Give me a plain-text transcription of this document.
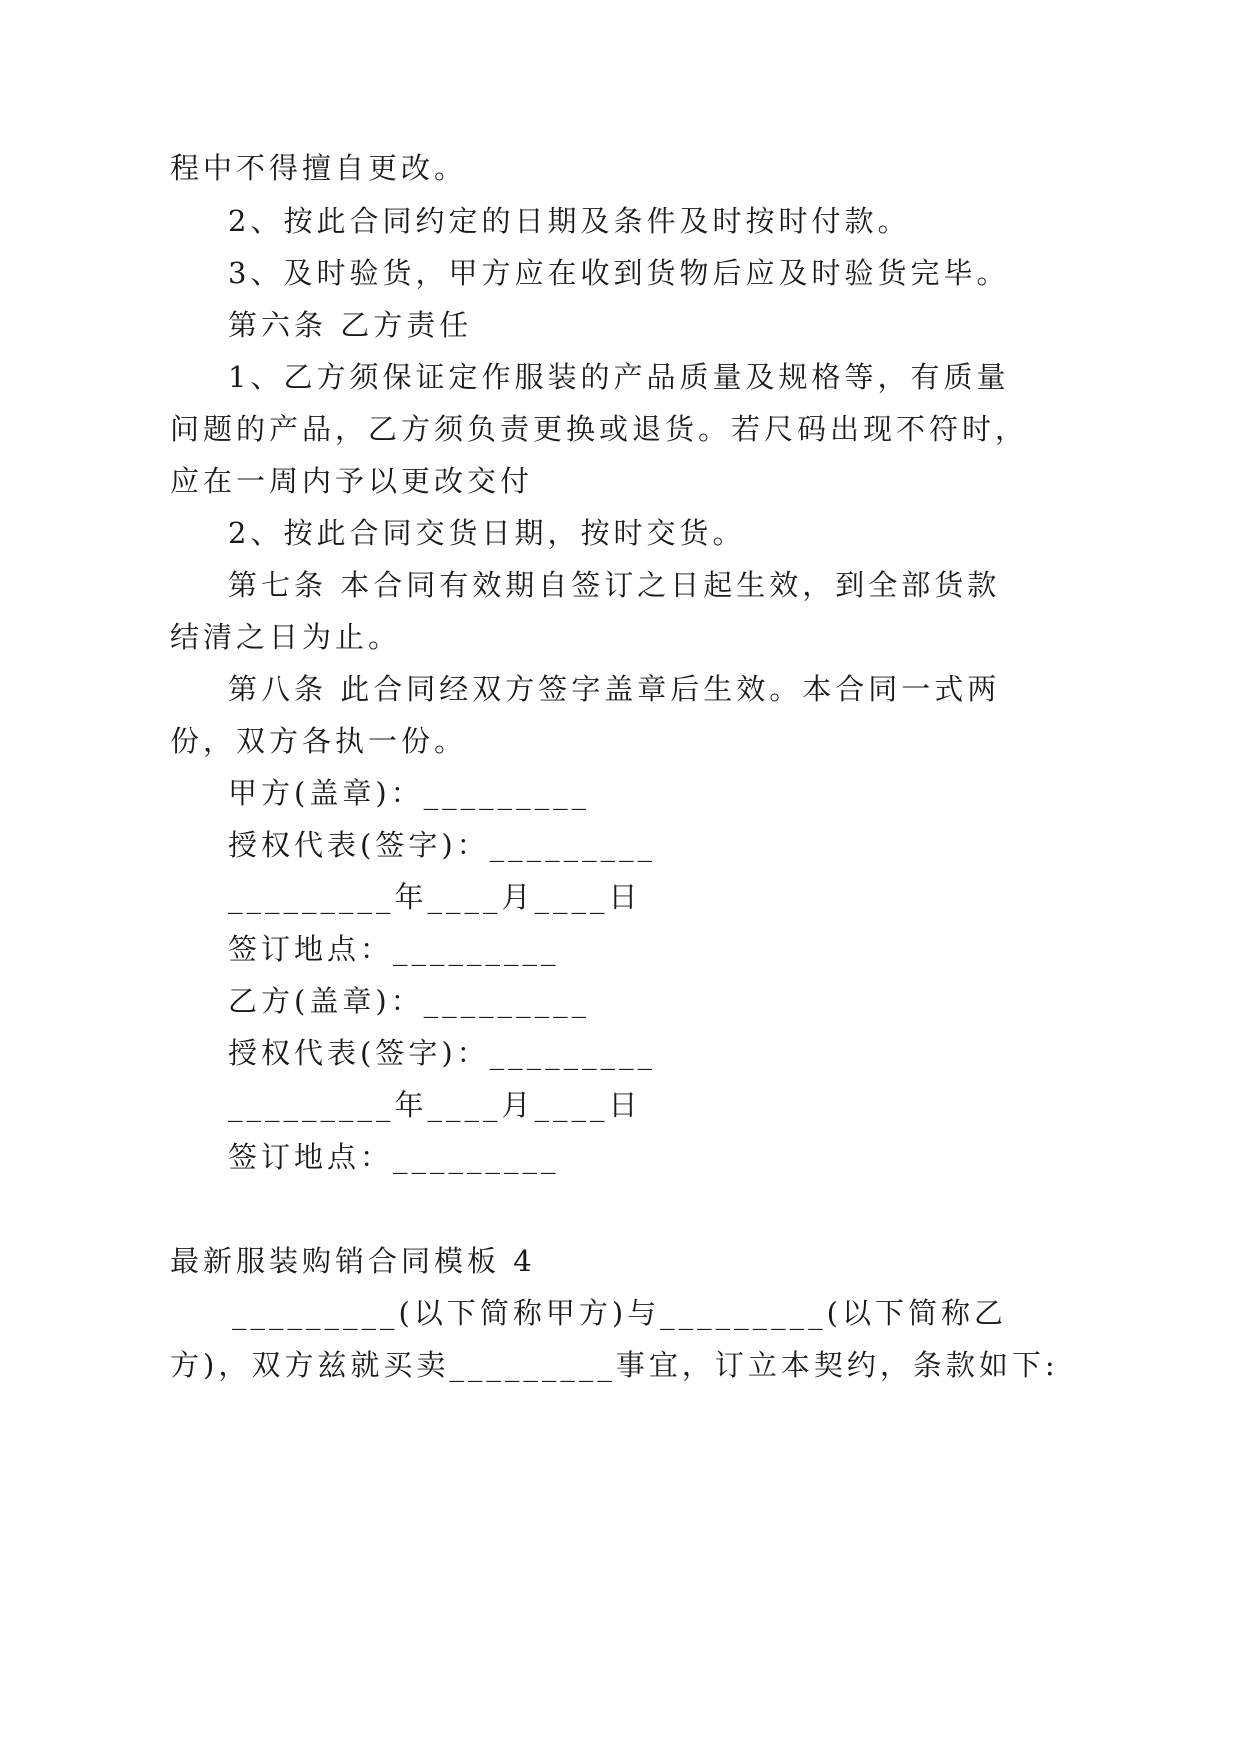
程中不得擅自更改。

2、按此合同约定的日期及条件及时按时付款。

3、及时验货，甲方应在收到货物后应及时验货完毕。

第六条 乙方责任

1、乙方须保证定作服装的产品质量及规格等，有质量

问题的产品，乙方须负责更换或退货。若尺码出现不符时，

应在一周内予以更改交付

2、按此合同交货日期，按时交货。

第七条 本合同有效期自签订之日起生效，到全部货款

结清之日为止。

第八条 此合同经双方签字盖章后生效。本合同一式两

份，双方各执一份。

甲方(盖章)：_________

授权代表(签字)：_________

_________年____月____日

签订地点：_________

乙方(盖章)：_________

授权代表(签字)：_________

_________年____月____日

签订地点：_________

最新服装购销合同模板 4

_________(以下简称甲方)与_________(以下简称乙

方)，双方兹就买卖_________事宜，订立本契约，条款如下:
